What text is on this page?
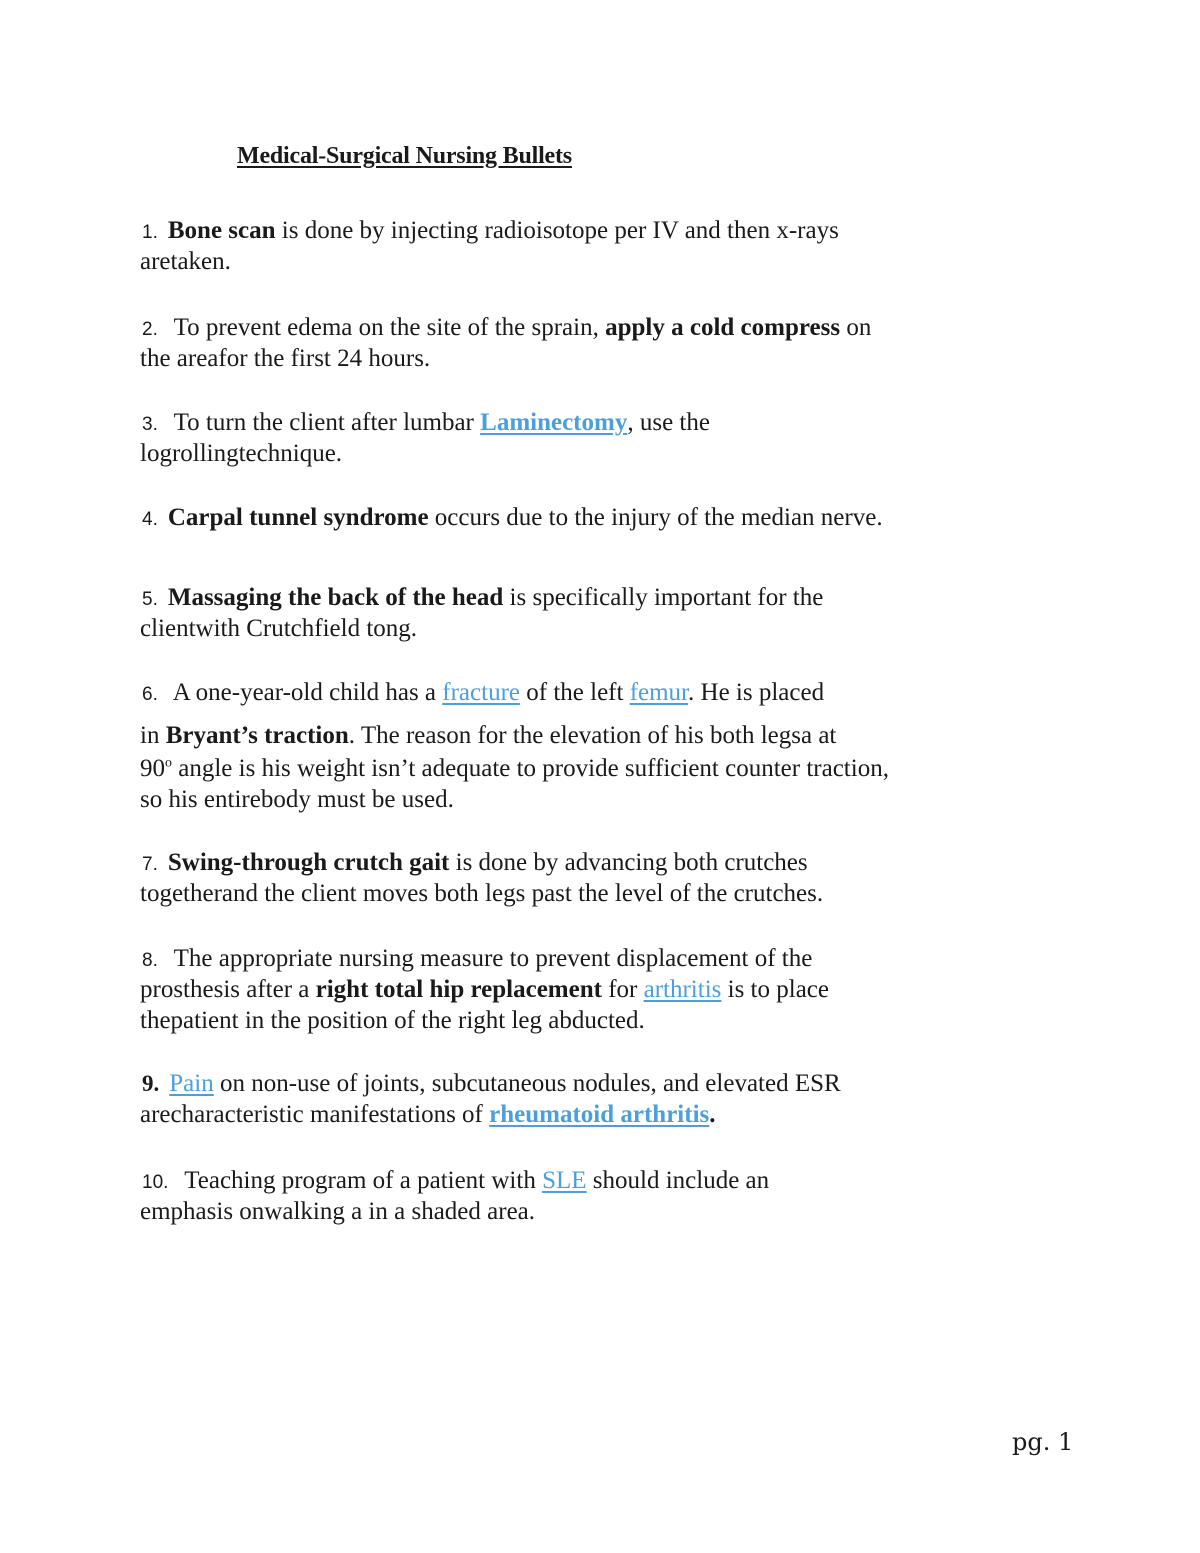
Medical-Surgical Nursing Bullets
1. Bone scan is done by injecting radioisotope per IV and then x-rays
aretaken.
2. To prevent edema on the site of the sprain, apply a cold compress on
the areafor the first 24 hours.
3. To turn the client after lumbar Laminectomy, use the
logrollingtechnique.
4. Carpal tunnel syndrome occurs due to the injury of the median nerve.
5. Massaging the back of the head is specifically important for the
clientwith Crutchfield tong.
6. A one-year-old child has a fracture of the left femur. He is placed
in Bryant’s traction. The reason for the elevation of his both legsa at
90$^o$ angle is his weight isn’t adequate to provide sufficient counter traction,
so his entirebody must be used.
7. Swing-through crutch gait is done by advancing both crutches
togetherand the client moves both legs past the level of the crutches.
8. The appropriate nursing measure to prevent displacement of the
prosthesis after a right total hip replacement for arthritis is to place
thepatient in the position of the right leg abducted.
9. Pain on non-use of joints, subcutaneous nodules, and elevated ESR
arecharacteristic manifestations of rheumatoid arthritis.
10. Teaching program of a patient with SLE should include an
emphasis onwalking a in a shaded area.
pg. 1
